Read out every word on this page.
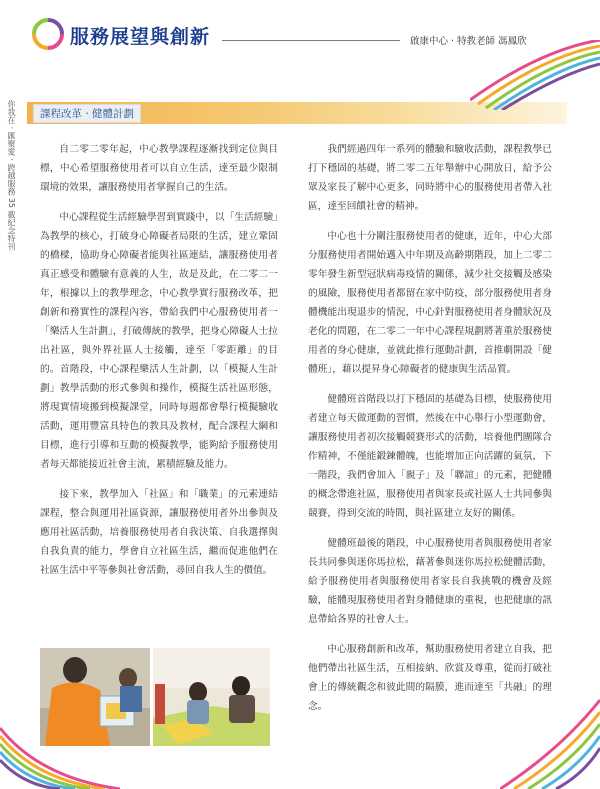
服務展望與創新	啟康中心 ‧ 特教老師 馮鳳欣
你我在 ‧ 匯聚愛 ‧ 跨越服務 35 載紀念特刊	課程改革 ‧ 健體計劃

自二零二零年起，中心教學課程逐漸找到定位與目標，中心希望服務使用者可以自立生活，達至最少限制環境的效果，讓服務使用者掌握自己的生活。

中心課程從生活經驗學習到實踐中，以「生活經驗」為教學的核心，打破身心障礙者局限的生活，建立鞏固的橋樑，協助身心障礙者能與社區連結，讓服務使用者真正感受和體驗有意義的人生，故是及此，在二零二一年，根據以上的教學理念，中心教學實行服務改革，把創新和務實性的課程內容，帶給我們中心服務使用者一「樂活人生計劃」，打破傳統的教學，把身心障礙人士拉出社區，與外界社區人士接觸，達至「零距離」的目的。首階段，中心課程樂活人生計劃，以「模擬人生計劃」教學活動的形式參與和操作，模擬生活社區形態，將現實情境搬到模擬課堂，同時每週都會舉行模擬驗收活動，運用豐富具特色的教具及教材，配合課程大綱和目標，進行引導和互動的模擬教學，能夠給予服務使用者每天都能接近社會主流，累積經驗及能力。

接下來，教學加入「社區」和「職業」的元素連結課程，整合與運用社區資源，讓服務使用者外出參與及應用社區活動，培養服務使用者自我決策、自我選擇與自我負責的能力，學會自立社區生活，繼而促進他們在社區生活中平等參與社會活動，尋回自我人生的價值。

我們經過四年一系列的體驗和驗收活動，課程教學已打下穩固的基礎，將二零二五年舉辦中心開放日，給予公眾及家長了解中心更多，同時將中心的服務使用者帶入社區，達至回饋社會的精神。

中心也十分關注服務使用者的健康，近年，中心大部分服務使用者開始邁入中年期及高齡期階段，加上二零二零年發生新型冠狀病毒疫情的關係，減少社交接觸及感染的風險，服務使用者都留在家中防疫，部分服務使用者身體機能出現退步的情況，中心針對服務使用者身體狀況及老化的問題，在二零二一年中心課程規劃將著重於服務使用者的身心健康，並就此推行運動計劃，首推劇開設「健體班」，藉以提昇身心障礙者的健康與生活品質。

健體班首階段以打下穩固的基礎為目標，使服務使用者建立每天做運動的習慣，然後在中心舉行小型運動會，讓服務使用者初次接觸競賽形式的活動，培養他們團隊合作精神，不僅能鍛鍊體魄，也能增加正向活躍的氣氛，下一階段，我們會加入「親子」及「聯誼」的元素，把健體的概念帶進社區，服務使用者與家長或社區人士共同參與競賽，得到交流的時間，與社區建立友好的關係。

健體班最後的階段，中心服務使用者與服務使用者家長共同參與迷你馬拉松，藉著參與迷你馬拉松健體活動，給予服務使用者與服務使用者家長自我挑戰的機會及經驗，能體現服務使用者對身體健康的重視，也把健康的訊息帶給各界的社會人士。

中心服務創新和改革，幫助服務使用者建立自我，把他們帶出社區生活，互相接納、欣賞及尊重，從而打破社會上的傳統觀念和彼此間的隔膜，進而達至「共融」的理念。
